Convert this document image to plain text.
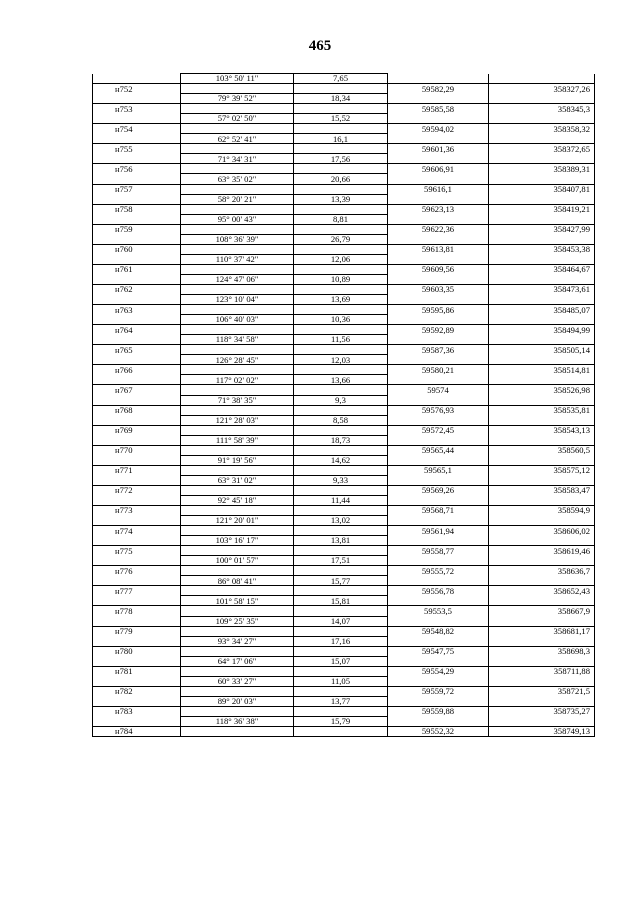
465
	103° 50' 11"	7,65		
н752			59582,29	358327,26
	79° 39' 52"	18,34		
н753			59585,58	358345,3
	57° 02' 50"	15,52		
н754			59594,02	358358,32
	62° 52' 41"	16,1		
н755			59601,36	358372,65
	71° 34' 31"	17,56		
н756			59606,91	358389,31
	63° 35' 02"	20,66		
н757			59616,1	358407,81
	58° 20' 21"	13,39		
н758			59623,13	358419,21
	95° 00' 43"	8,81		
н759			59622,36	358427,99
	108° 36' 39"	26,79		
н760			59613,81	358453,38
	110° 37' 42"	12,06		
н761			59609,56	358464,67
	124° 47' 06"	10,89		
н762			59603,35	358473,61
	123° 10' 04"	13,69		
н763			59595,86	358485,07
	106° 40' 03"	10,36		
н764			59592,89	358494,99
	118° 34' 58"	11,56		
н765			59587,36	358505,14
	126° 28' 45"	12,03		
н766			59580,21	358514,81
	117° 02' 02"	13,66		
н767			59574	358526,98
	71° 38' 35"	9,3		
н768			59576,93	358535,81
	121° 28' 03"	8,58		
н769			59572,45	358543,13
	111° 58' 39"	18,73		
н770			59565,44	358560,5
	91° 19' 56"	14,62		
н771			59565,1	358575,12
	63° 31' 02"	9,33		
н772			59569,26	358583,47
	92° 45' 18"	11,44		
н773			59568,71	358594,9
	121° 20' 01"	13,02		
н774			59561,94	358606,02
	103° 16' 17"	13,81		
н775			59558,77	358619,46
	100° 01' 57"	17,51		
н776			59555,72	358636,7
	86° 08' 41"	15,77		
н777			59556,78	358652,43
	101° 58' 15"	15,81		
н778			59553,5	358667,9
	109° 25' 35"	14,07		
н779			59548,82	358681,17
	93° 34' 27"	17,16		
н780			59547,75	358698,3
	64° 17' 06"	15,07		
н781			59554,29	358711,88
	60° 33' 27"	11,05		
н782			59559,72	358721,5
	89° 20' 03"	13,77		
н783			59559,88	358735,27
	118° 36' 38"	15,79		
н784			59552,32	358749,13
